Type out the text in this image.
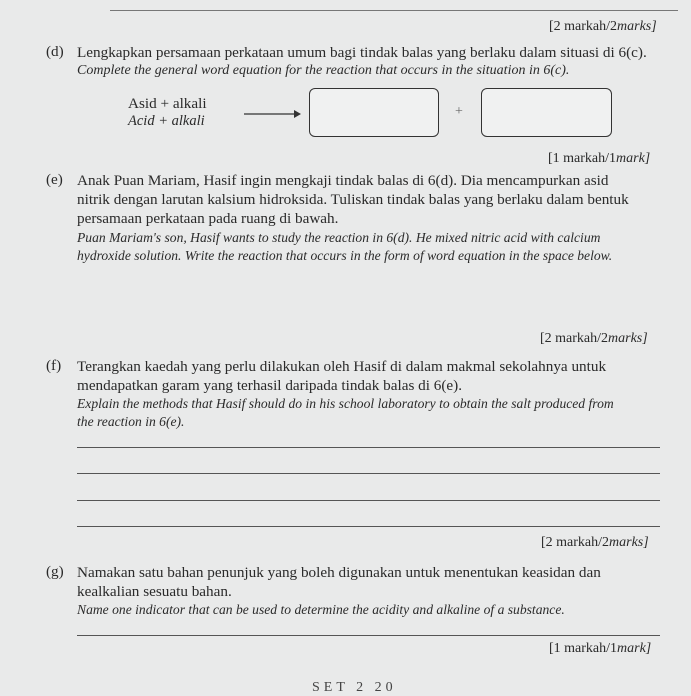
[2 markah/2marks]
(d) Lengkapkan persamaan perkataan umum bagi tindak balas yang berlaku dalam situasi di 6(c).
Complete the general word equation for the reaction that occurs in the situation in 6(c).
Asid + alkali
Acid + alkali
+
[1 markah/1mark]
(e) Anak Puan Mariam, Hasif ingin mengkaji tindak balas di 6(d). Dia mencampurkan asid
nitrik dengan larutan kalsium hidroksida. Tuliskan tindak balas yang berlaku dalam bentuk
persamaan perkataan pada ruang di bawah.
Puan Mariam's son, Hasif wants to study the reaction in 6(d). He mixed nitric acid with calcium
hydroxide solution. Write the reaction that occurs in the form of word equation in the space below.
[2 markah/2marks]
(f) Terangkan kaedah yang perlu dilakukan oleh Hasif di dalam makmal sekolahnya untuk
mendapatkan garam yang terhasil daripada tindak balas di 6(e).
Explain the methods that Hasif should do in his school laboratory to obtain the salt produced from
the reaction in 6(e).
[2 markah/2marks]
(g) Namakan satu bahan penunjuk yang boleh digunakan untuk menentukan keasidan dan
kealkalian sesuatu bahan.
Name one indicator that can be used to determine the acidity and alkaline of a substance.
[1 markah/1mark]
SET 2 20
